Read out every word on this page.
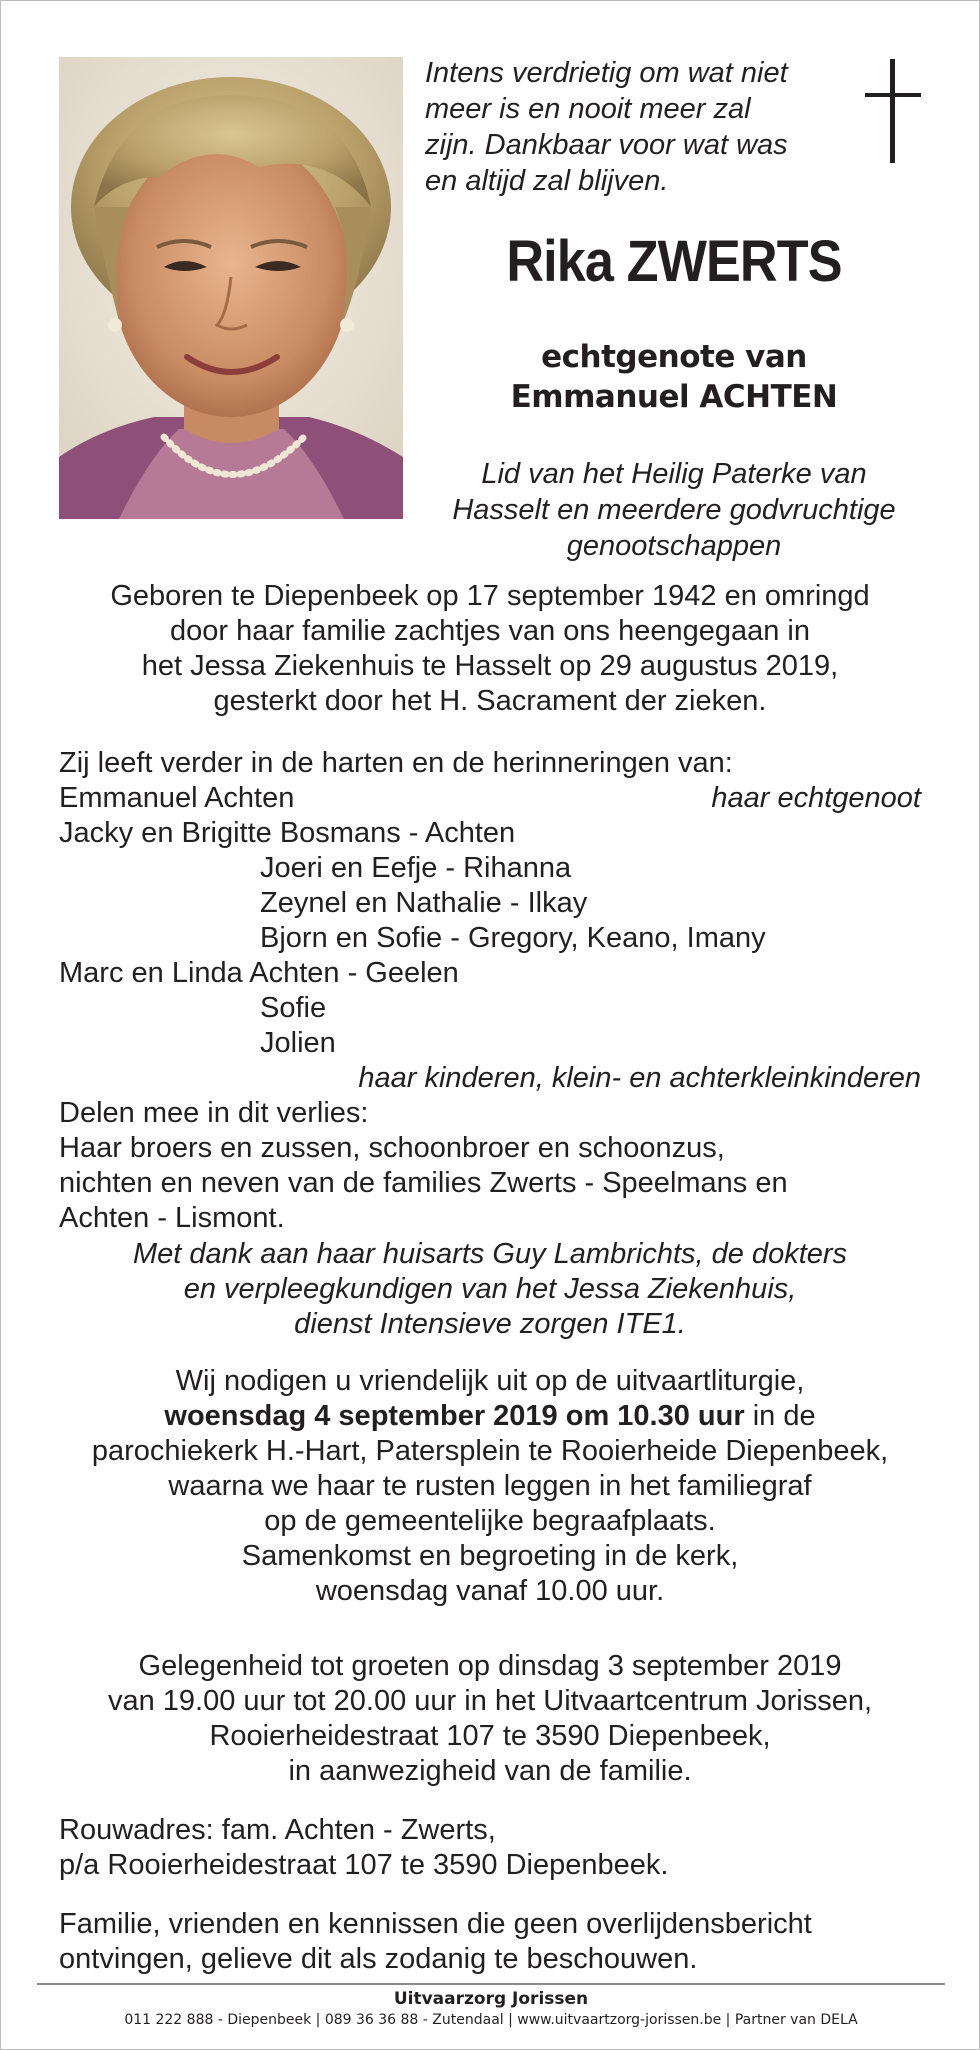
Intens verdrietig om wat niet
meer is en nooit meer zal
zijn. Dankbaar voor wat was
en altijd zal blijven.
Rika ZWERTS
echtgenote van
Emmanuel ACHTEN
Lid van het Heilig Paterke van
Hasselt en meerdere godvruchtige
genootschappen
Geboren te Diepenbeek op 17 september 1942 en omringd
door haar familie zachtjes van ons heengegaan in
het Jessa Ziekenhuis te Hasselt op 29 augustus 2019,
gesterkt door het H. Sacrament der zieken.
Zij leeft verder in de harten en de herinneringen van:
Emmanuel Achten	haar echtgenoot
Jacky en Brigitte Bosmans - Achten
Joeri en Eefje - Rihanna
Zeynel en Nathalie - Ilkay
Bjorn en Sofie - Gregory, Keano, Imany
Marc en Linda Achten - Geelen
Sofie
Jolien
haar kinderen, klein- en achterkleinkinderen
Delen mee in dit verlies:
Haar broers en zussen, schoonbroer en schoonzus,
nichten en neven van de families Zwerts - Speelmans en
Achten - Lismont.
Met dank aan haar huisarts Guy Lambrichts, de dokters
en verpleegkundigen van het Jessa Ziekenhuis,
dienst Intensieve zorgen ITE1.
Wij nodigen u vriendelijk uit op de uitvaartliturgie,
woensdag 4 september 2019 om 10.30 uur in de
parochiekerk H.-Hart, Patersplein te Rooierheide Diepenbeek,
waarna we haar te rusten leggen in het familiegraf
op de gemeentelijke begraafplaats.
Samenkomst en begroeting in de kerk,
woensdag vanaf 10.00 uur.
Gelegenheid tot groeten op dinsdag 3 september 2019
van 19.00 uur tot 20.00 uur in het Uitvaartcentrum Jorissen,
Rooierheidestraat 107 te 3590 Diepenbeek,
in aanwezigheid van de familie.
Rouwadres: fam. Achten - Zwerts,
p/a Rooierheidestraat 107 te 3590 Diepenbeek.
Familie, vrienden en kennissen die geen overlijdensbericht
ontvingen, gelieve dit als zodanig te beschouwen.
Uitvaarzorg Jorissen
011 222 888 - Diepenbeek | 089 36 36 88 - Zutendaal | www.uitvaartzorg-jorissen.be | Partner van DELA
